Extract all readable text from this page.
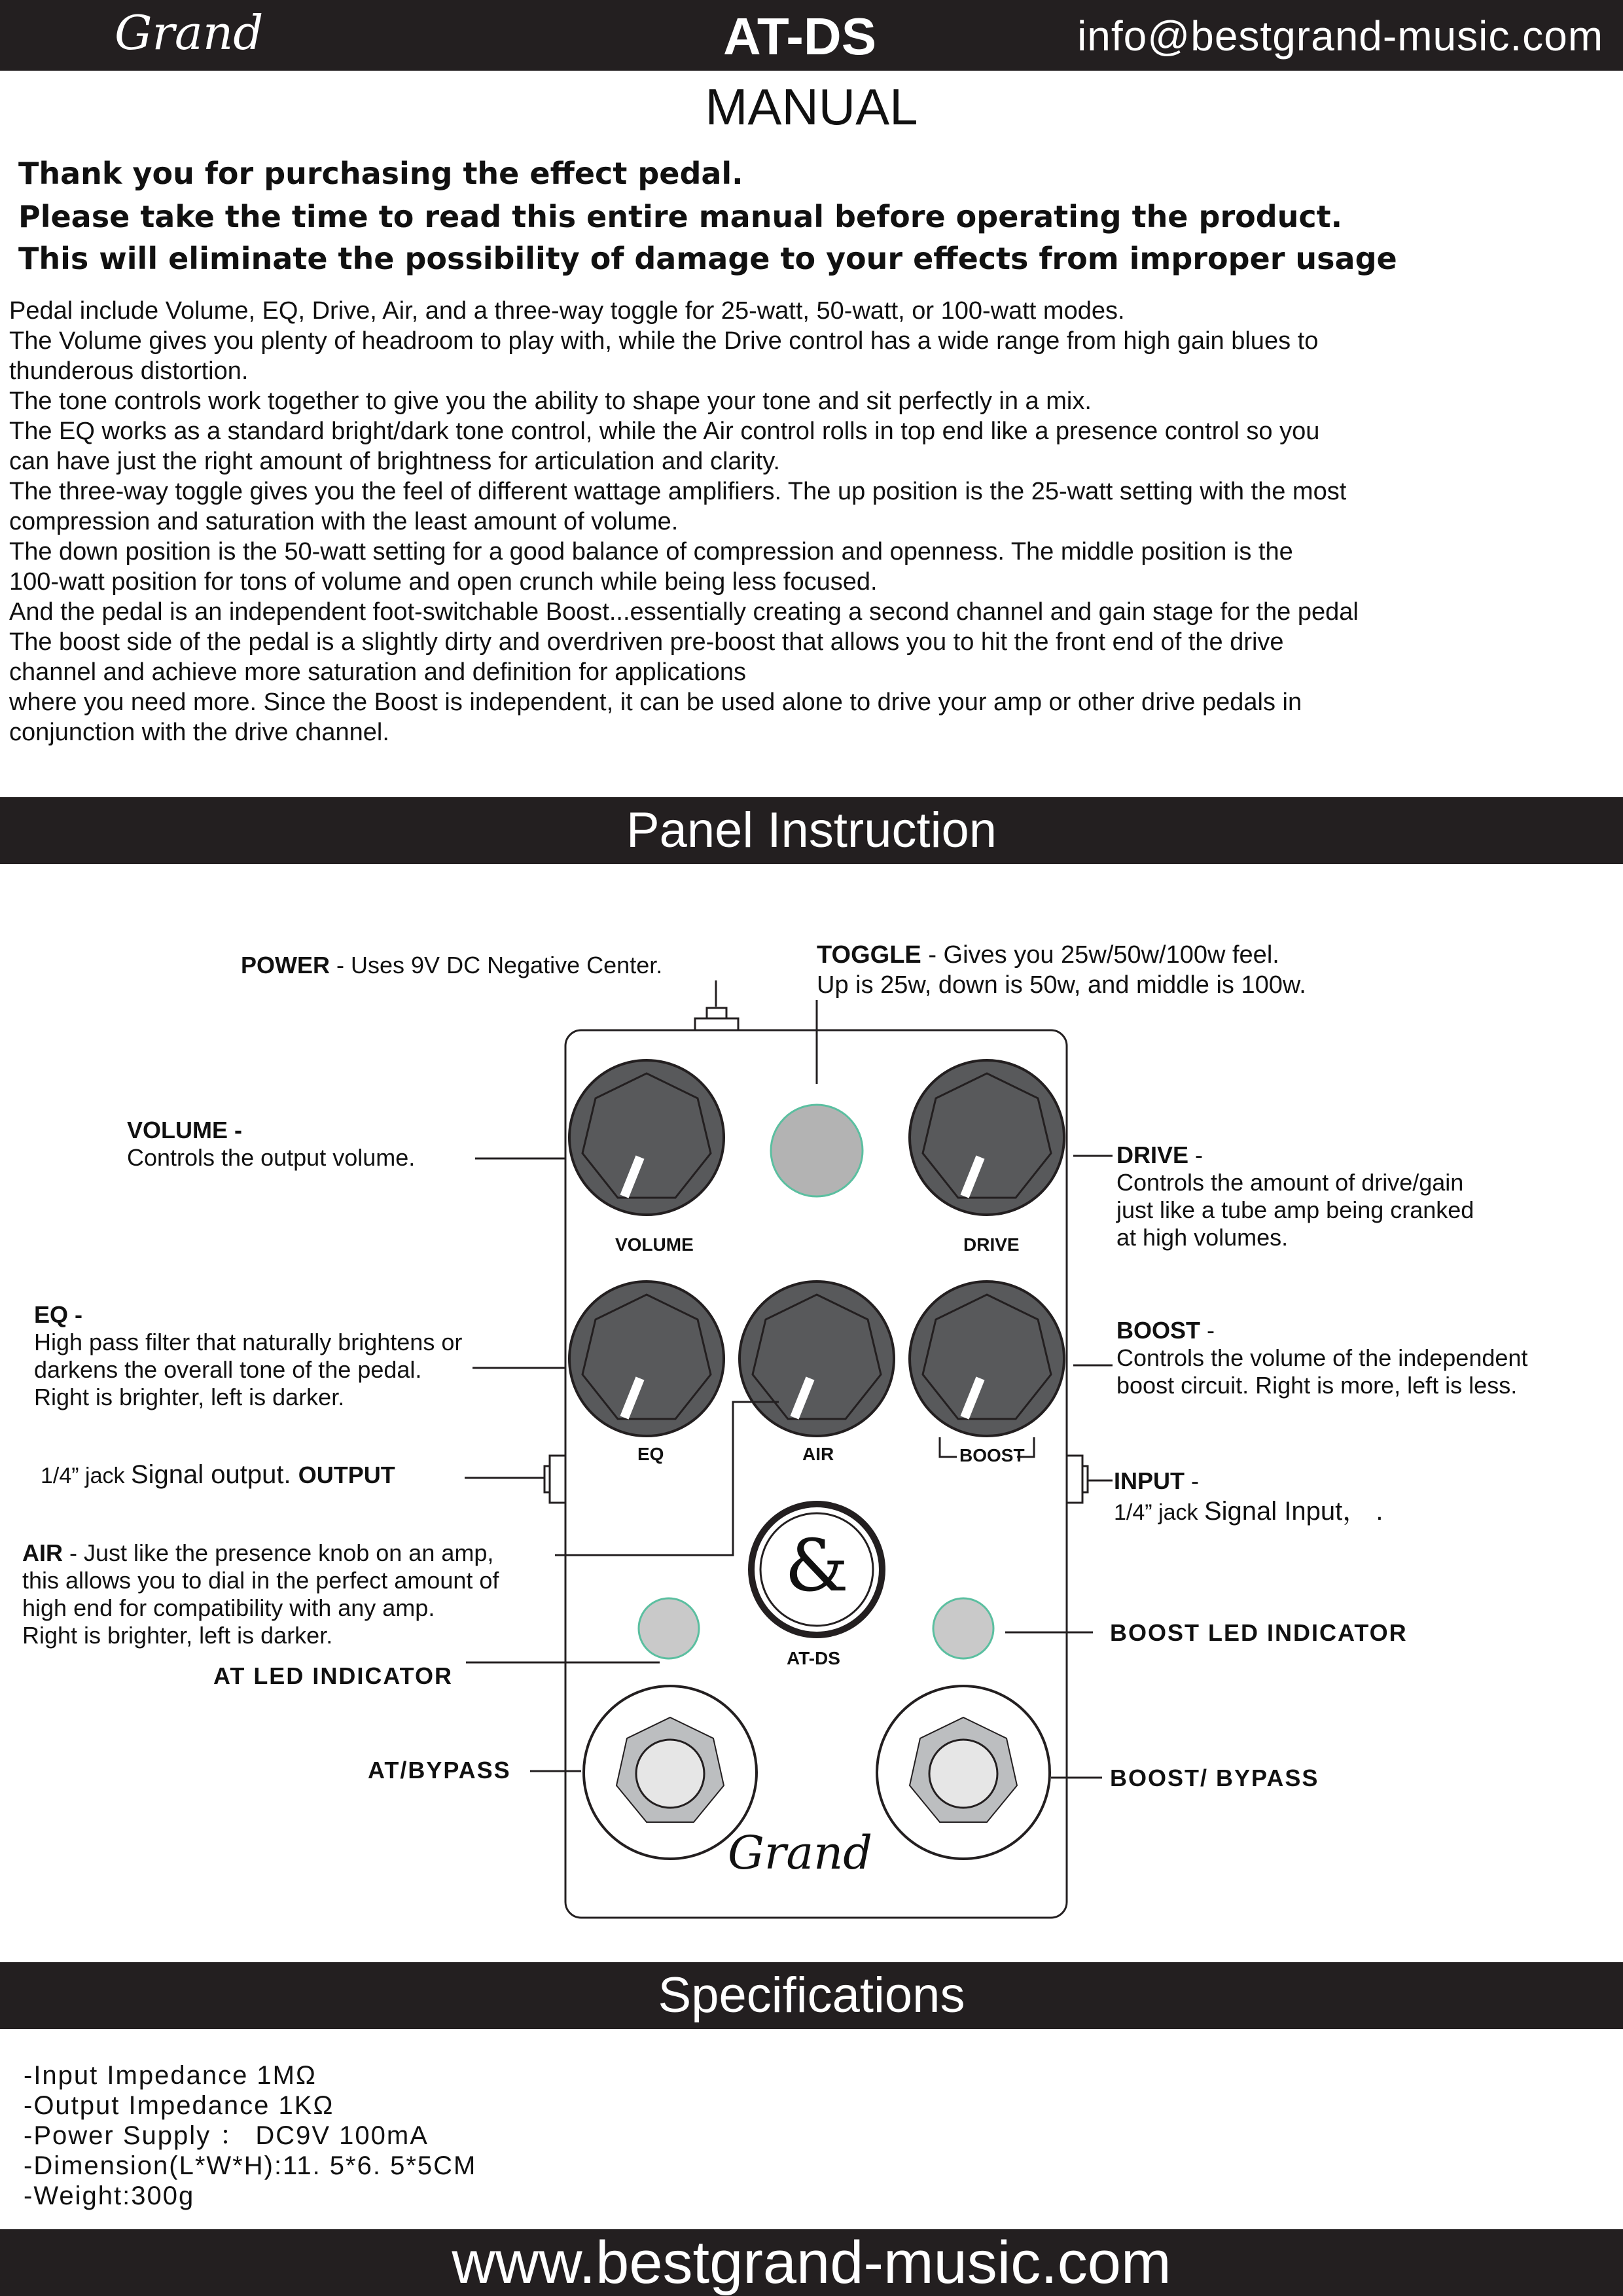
Grand	AT-DS	info@bestgrand-music.com
MANUAL
Thank you for purchasing the effect pedal.
Please take the time to read this entire manual before operating the product.
This will eliminate the possibility of damage to your effects from improper usage

Pedal include Volume, EQ, Drive, Air, and a three-way toggle for 25-watt, 50-watt, or 100-watt modes.

The Volume gives you plenty of headroom to play with, while the Drive control has a wide range from high gain blues to

thunderous distortion.

The tone controls work together to give you the ability to shape your tone and sit perfectly in a mix.

The EQ works as a standard bright/dark tone control, while the Air control rolls in top end like a presence control so you

can have just the right amount of brightness for articulation and clarity.

The three-way toggle gives you the feel of different wattage amplifiers. The up position is the 25-watt setting with the most

compression and saturation with the least amount of volume.

The down position is the 50-watt setting for a good balance of compression and openness. The middle position is the

100-watt position for tons of volume and open crunch while being less focused.

And the pedal is an independent foot-switchable Boost...essentially creating a second channel and gain stage for the pedal

The boost side of the pedal is a slightly dirty and overdriven pre-boost that allows you to hit the front end of the drive

channel and achieve more saturation and definition for applications

where you need more. Since the Boost is independent, it can be used alone to drive your amp or other drive pedals in

conjunction with the drive channel.

Panel Instruction
VOLUME	DRIVE
EQ	AIR	BOOST
&
AT-DS
Grand
POWER - Uses 9V DC Negative Center.	TOGGLE - Gives you 25w/50w/100w feel.
Up is 25w, down is 50w, and middle is 100w.
VOLUME -
Controls the output volume.	DRIVE -
Controls the amount of drive/gain
just like a tube amp being cranked
at high volumes.
EQ -
High pass filter that naturally brightens or
darkens the overall tone of the pedal.
Right is brighter, left is darker.
BOOST -
Controls the volume of the independent
boost circuit. Right is more, left is less.
1/4” jack Signal output. OUTPUT	INPUT -
1/4” jack Signal Input， .
AIR - Just like the presence knob on an amp,
this allows you to dial in the perfect amount of
high end for compatibility with any amp.
Right is brighter, left is darker.
AT LED INDICATOR
BOOST LED INDICATOR
AT/BYPASS	BOOST/ BYPASS
Specifications
-Input Impedance 1MΩ
-Output Impedance 1KΩ
-Power Supply ： DC9V 100mA
-Dimension(L*W*H):11. 5*6. 5*5CM
-Weight:300g
www.bestgrand-music.com
